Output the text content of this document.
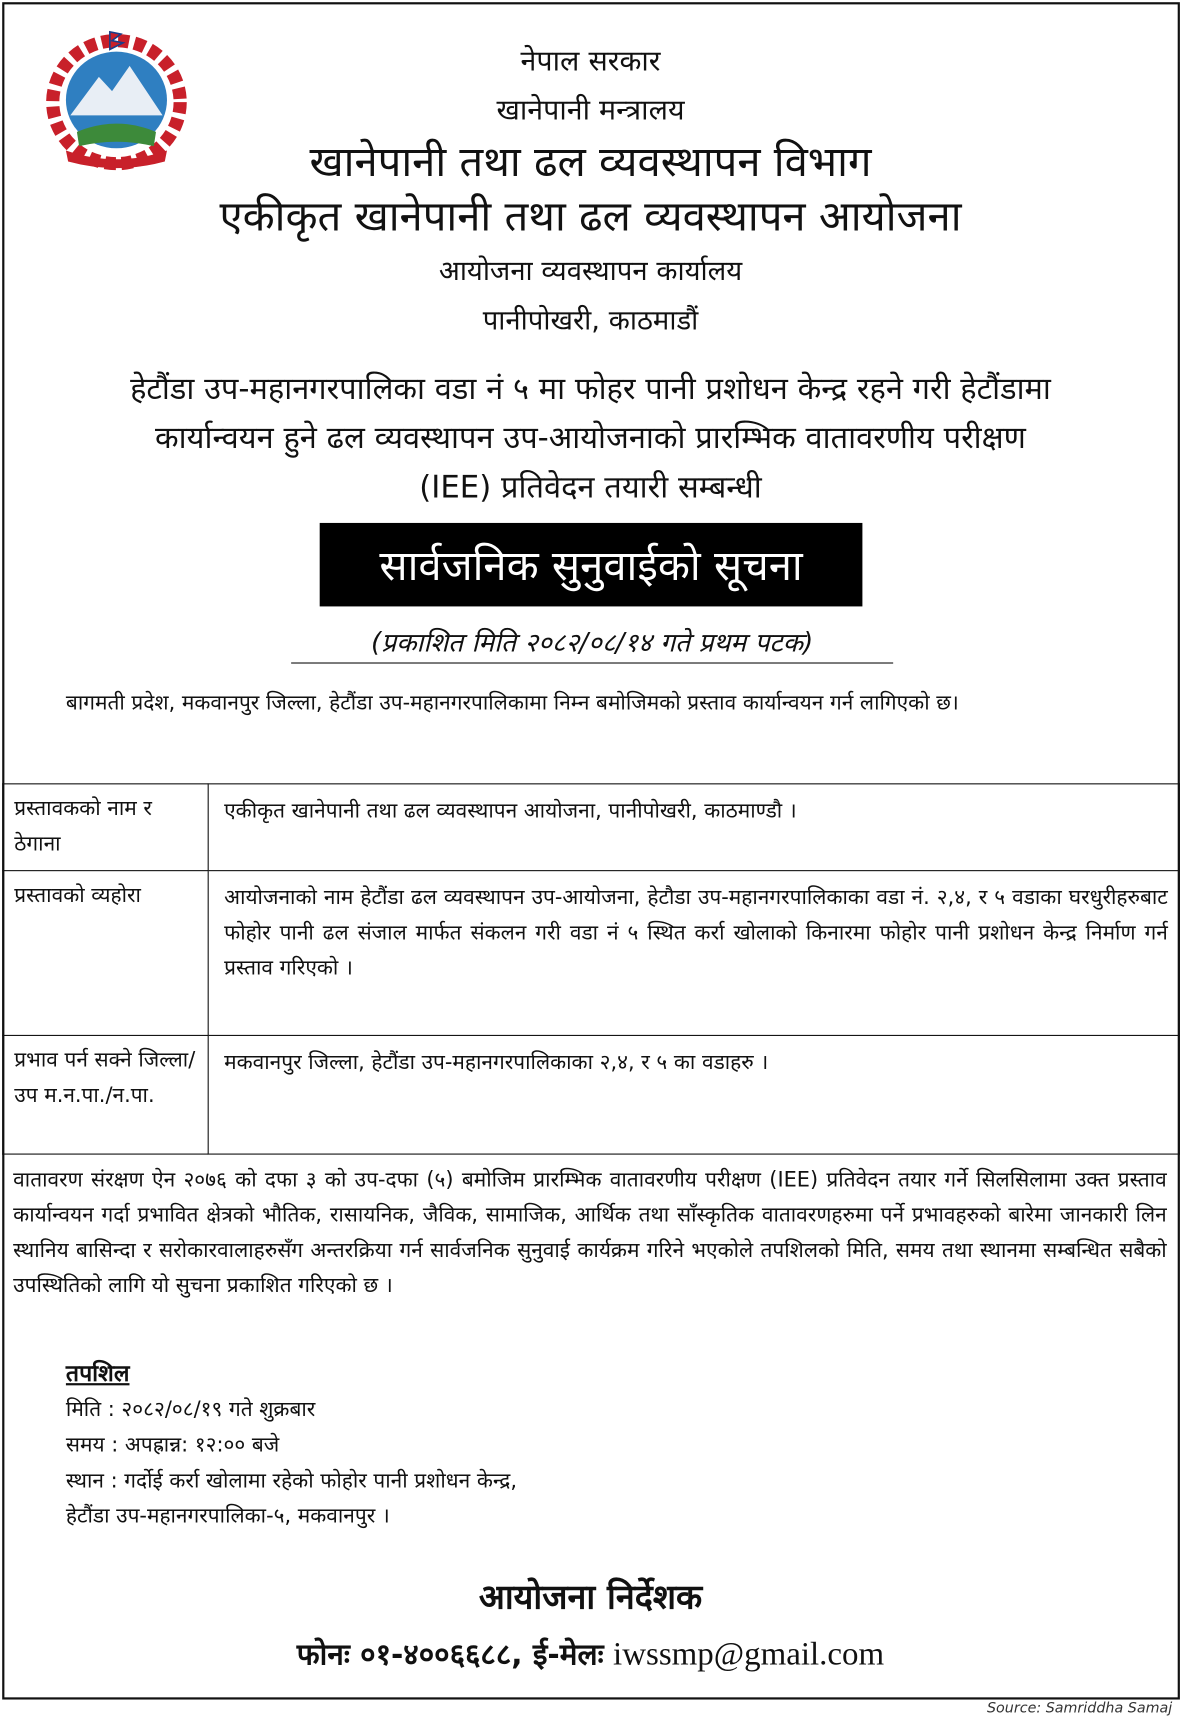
नेपाल सरकार
खानेपानी मन्त्रालय
खानेपानी तथा ढल व्यवस्थापन विभाग
एकीकृत खानेपानी तथा ढल व्यवस्थापन आयोजना
आयोजना व्यवस्थापन कार्यालय
पानीपोखरी, काठमाडौं
हेटौंडा उप-महानगरपालिका वडा नं ५ मा फोहर पानी प्रशोधन केन्द्र रहने गरी हेटौंडामा
कार्यान्वयन हुने ढल व्यवस्थापन उप-आयोजनाको प्रारम्भिक वातावरणीय परीक्षण
(IEE) प्रतिवेदन तयारी सम्बन्धी
सार्वजनिक सुनुवाईको सूचना
(प्रकाशित मिति २०८२/०८/१४ गते प्रथम पटक)
बागमती प्रदेश, मकवानपुर जिल्ला, हेटौंडा उप-महानगरपालिकामा निम्न बमोजिमको प्रस्ताव कार्यान्वयन गर्न लागिएको छ।
प्रस्तावकको नाम र ठेगाना	एकीकृत खानेपानी तथा ढल व्यवस्थापन आयोजना, पानीपोखरी, काठमाण्डौ ।
प्रस्तावको व्यहोरा	आयोजनाको नाम हेटौंडा ढल व्यवस्थापन उप-आयोजना, हेटौडा उप-महानगरपालिकाका वडा नं. २,४, र ५ वडाका घरधुरीहरुबाट फोहोर पानी ढल संजाल मार्फत संकलन गरी वडा नं ५ स्थित कर्रा खोलाको किनारमा फोहोर पानी प्रशोधन केन्द्र निर्माण गर्न प्रस्ताव गरिएको ।
प्रभाव पर्न सक्ने जिल्ला/उप म.न.पा./न.पा.	मकवानपुर जिल्ला, हेटौंडा उप-महानगरपालिकाका २,४, र ५ का वडाहरु ।
वातावरण संरक्षण ऐन २०७६ को दफा ३ को उप-दफा (५) बमोजिम प्रारम्भिक वातावरणीय परीक्षण (IEE) प्रतिवेदन तयार गर्ने सिलसिलामा उक्त प्रस्ताव कार्यान्वयन गर्दा प्रभावित क्षेत्रको भौतिक, रासायनिक, जैविक, सामाजिक, आर्थिक तथा साँस्कृतिक वातावरणहरुमा पर्ने प्रभावहरुको बारेमा जानकारी लिन स्थानिय बासिन्दा र सरोकारवालाहरुसँग अन्तरक्रिया गर्न सार्वजनिक सुनुवाई कार्यक्रम गरिने भएकोले तपशिलको मिति, समय तथा स्थानमा सम्बन्धित सबैको उपस्थितिको लागि यो सुचना प्रकाशित गरिएको छ ।
तपशिल
मिति : २०८२/०८/१९ गते शुक्रबार
समय : अपह्रान्न: १२:०० बजे
स्थान : गर्दोई कर्रा खोलामा रहेको फोहोर पानी प्रशोधन केन्द्र,
हेटौंडा उप-महानगरपालिका-५, मकवानपुर ।
आयोजना निर्देशक
फोनः ०१-४००६६८८, ई-मेलः iwssmp@gmail.com
Source: Samriddha Samaj
